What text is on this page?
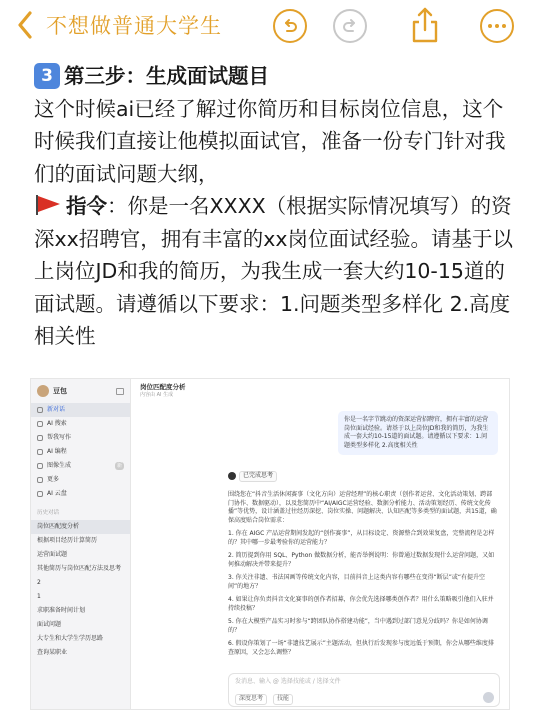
不想做普通大学生
3 第三步：生成面试题目
这个时候ai已经了解过你简历和目标岗位信息，这个时候我们直接让他模拟面试官，准备一份专门针对我们的面试问题大纲，
指令：你是一名XXXX（根据实际情况填写）的资深xx招聘官，拥有丰富的xx岗位面试经验。请基于以上岗位JD和我的简历，为我生成一套大约10-15道的面试题。请遵循以下要求：1.问题类型多样化 2.高度相关性
豆包
新对话
AI 搜索
帮我写作
AI 编程
图像生成	新
更多
AI 云盘
历史对话
岗位匹配度分析
根据项目经历计算简历
运营面试题
其他简历与岗位匹配方法及思考
2
1
求职准备时间计划
面试问题
大专生和大学生学历思路
查询某职业
岗位匹配度分析
内容由 AI 生成
你是一名字节跳动的资深运营招聘官，拥有丰富的运营岗位面试经验。请基于以上岗位JD和我的简历，为我生成一套大约10-15道的面试题。请遵循以下要求：1.问题类型多样化 2.高度相关性
已完成思考

围绕您在“抖音生活休闲赛事（文化方向）运营经理”的核心职责（创作者运营、文化活动策划、跨部门协作、数据驱动），以及您简历中“AI/AIGC运营经验、数据分析能力、活动策划经历、传统文化传播”等优势，设计涵盖过往经历深挖、岗位实操、问题解决、认知匹配等多类型的面试题，共15道，确保高度贴合岗位需求：

1. 你在 AIGC 产品运营期间发起的“创作赛事”，从目标设定、资源整合到效果复盘，完整流程是怎样的？其中哪一步最考验你的运营能力？
2. 简历提到你用 SQL、Python 做数据分析，能否举例说明：你曾通过数据发现什么运营问题，又如何推动解决并带来提升？
3. 你关注非遗、书法国画等传统文化内容，目前抖音上这类内容有哪些在变得“断层”或“有提升空间”的地方？
4. 如果让你负责抖音文化赛事的创作者招募，你会优先选择哪类创作者？用什么策略吸引他们入驻并持续投稿？
5. 你在大模型产品实习时参与“跨团队协作搭建功能”，当中遇到过部门意见分歧吗？你是如何协调的？
6. 假设你策划了一场“非遗技艺展示”主题活动，但执行后发现参与度远低于预期，你会从哪些维度排查原因，又会怎么调整？
发消息、输入 @ 选择技能或 / 选择文件
深度思考	技能
